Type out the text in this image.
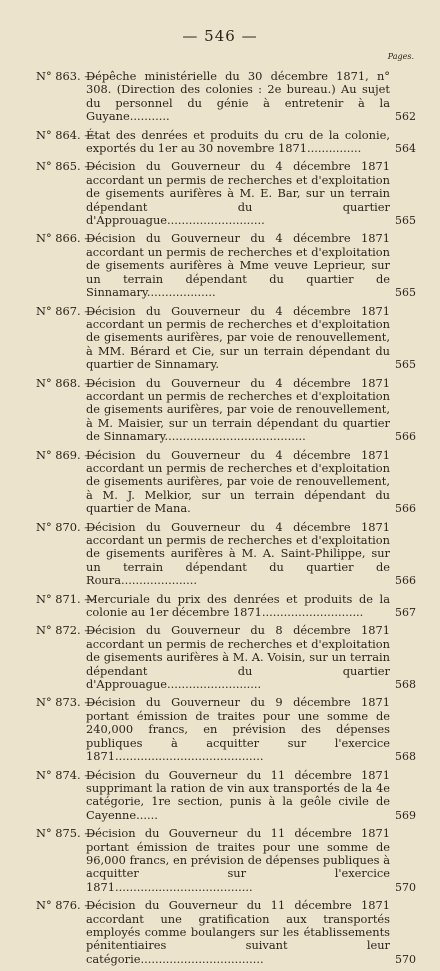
— 546 —
Pages.
N° 863. —
Dépêche ministérielle du 30 décembre 1871, n° 308. (Direction des colonies : 2e bureau.) Au sujet du personnel du génie à entretenir à la Guyane...........	562
N° 864. —
État des denrées et produits du cru de la colonie, exportés du 1er au 30 novembre 1871...............	564
N° 865. —
Décision du Gouverneur du 4 décembre 1871 accordant un permis de recherches et d'exploitation de gisements aurifères à M. E. Bar, sur un terrain dépendant du quartier d'Approuague...........................	565
N° 866. —
Décision du Gouverneur du 4 décembre 1871 accordant un permis de recherches et d'exploitation de gisements aurifères à Mme veuve Leprieur, sur un terrain dépendant du quartier de Sinnamary...................	565
N° 867. —
Décision du Gouverneur du 4 décembre 1871 accordant un permis de recherches et d'exploitation de gisements aurifères, par voie de renouvellement, à MM. Bérard et Cie, sur un terrain dépendant du quartier de Sinnamary.	565
N° 868. —
Décision du Gouverneur du 4 décembre 1871 accordant un permis de recherches et d'exploitation de gisements aurifères, par voie de renouvellement, à M. Maisier, sur un terrain dépendant du quartier de Sinnamary.......................................	566
N° 869. —
Décision du Gouverneur du 4 décembre 1871 accordant un permis de recherches et d'exploitation de gisements aurifères, par voie de renouvellement, à M. J. Melkior, sur un terrain dépendant du quartier de Mana.	566
N° 870. —
Décision du Gouverneur du 4 décembre 1871 accordant un permis de recherches et d'exploitation de gisements aurifères à M. A. Saint-Philippe, sur un terrain dépendant du quartier de Roura.....................	566
N° 871. —
Mercuriale du prix des denrées et produits de la colonie au 1er décembre 1871............................	567
N° 872. —
Décision du Gouverneur du 8 décembre 1871 accordant un permis de recherches et d'exploitation de gisements aurifères à M. A. Voisin, sur un terrain dépendant du quartier d'Approuague..........................	568
N° 873. —
Décision du Gouverneur du 9 décembre 1871 portant émission de traites pour une somme de 240,000 francs, en prévision des dépenses publiques à acquitter sur l'exercice 1871.........................................	568
N° 874. —
Décision du Gouverneur du 11 décembre 1871 supprimant la ration de vin aux transportés de la 4e catégorie, 1re section, punis à la geôle civile de Cayenne......	569
N° 875. —
Décision du Gouverneur du 11 décembre 1871 portant émission de traites pour une somme de 96,000 francs, en prévision de dépenses publiques à acquitter sur l'exercice 1871......................................	570
N° 876. —
Décision du Gouverneur du 11 décembre 1871 accordant une gratification aux transportés employés comme boulangers sur les établissements pénitentiaires suivant leur catégorie..................................	570
